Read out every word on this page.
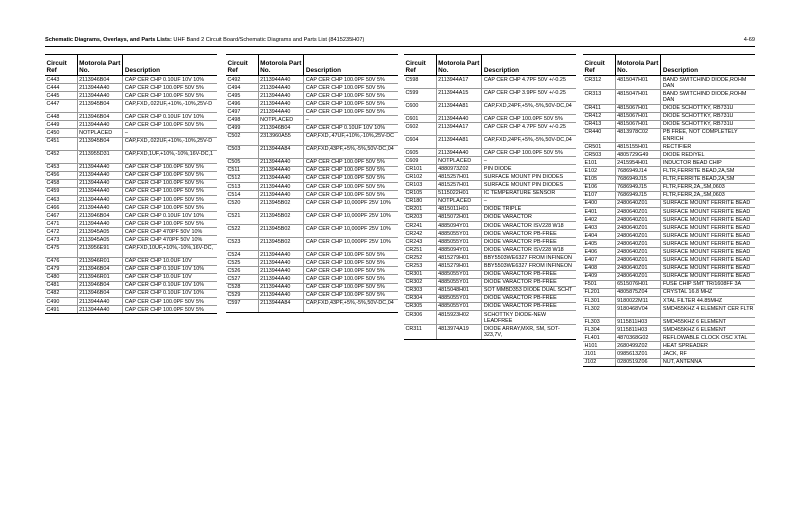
Schematic Diagrams, Overlays, and Parts Lists: UHF Band 2 Circuit Board/Schematic Diagrams and Parts List (8415235H07)	4-69
Circuit Ref	Motorola Part No.	Description
C443	2113946B04	CAP CER CHP 0.10UF 10V 10%
C444	2113944A40	CAP CER CHP 100.0PF 50V 5%
C445	2113944A40	CAP CER CHP 100.0PF 50V 5%
C447	2113945B04	CAP,FXD,.022UF,+10%,-10%,25V-D
C448	2113946B04	CAP CER CHP 0.10UF 10V 10%
C449	2113944A40	CAP CER CHP 100.0PF 50V 5%
C450	NOTPLACED	–
C451	2113945B04	CAP,FXD,.022UF,+10%,-10%,25V-D
C452	2113955D31	CAP,FXD,1UF,+10%,-10%,16V-DC,1
C453	2113944A40	CAP CER CHP 100.0PF 50V 5%
C456	2113944A40	CAP CER CHP 100.0PF 50V 5%
C458	2113944A40	CAP CER CHP 100.0PF 50V 5%
C459	2113944A40	CAP CER CHP 100.0PF 50V 5%
C463	2113944A40	CAP CER CHP 100.0PF 50V 5%
C466	2113944A40	CAP CER CHP 100.0PF 50V 5%
C467	2113946B04	CAP CER CHP 0.10UF 10V 10%
C471	2113944A40	CAP CER CHP 100.0PF 50V 5%
C472	2113945A05	CAP CER CHP 470PF 50V 10%
C473	2113945A05	CAP CER CHP 470PF 50V 10%
C475	2113956E91	CAP,FXD,10UF,+10%,-10%,16V-DC,
C476	2113946R01	CAP CER CHP 10.0UF 10V
C479	2113946B04	CAP CER CHP 0.10UF 10V 10%
C480	2113946R01	CAP CER CHP 10.0UF 10V
C481	2113946B04	CAP CER CHP 0.10UF 10V 10%
C482	2113946B04	CAP CER CHP 0.10UF 10V 10%
C490	2113944A40	CAP CER CHP 100.0PF 50V 5%
C491	2113944A40	CAP CER CHP 100.0PF 50V 5%
Circuit Ref	Motorola Part No.	Description
C492	2113944A40	CAP CER CHP 100.0PF 50V 5%
C494	2113944A40	CAP CER CHP 100.0PF 50V 5%
C495	2113944A40	CAP CER CHP 100.0PF 50V 5%
C496	2113944A40	CAP CER CHP 100.0PF 50V 5%
C497	2113944A40	CAP CER CHP 100.0PF 50V 5%
C498	NOTPLACED	–
C499	2113946B04	CAP CER CHP 0.10UF 10V 10%
C502	2313960A55	CAP,FXD,.47UF,+10%,-10%,25V-DC
C503	2113944A84	CAP,FXD,43PF,+5%,-5%,50V-DC,04
C505	2113944A40	CAP CER CHP 100.0PF 50V 5%
C511	2113944A40	CAP CER CHP 100.0PF 50V 5%
C512	2113944A40	CAP CER CHP 100.0PF 50V 5%
C513	2113944A40	CAP CER CHP 100.0PF 50V 5%
C514	2113944A40	CAP CER CHP 100.0PF 50V 5%
C520	2113945B02	CAP CER CHP 10,000PF 25V 10%
C521	2113945B02	CAP CER CHP 10,000PF 25V 10%
C522	2113945B02	CAP CER CHP 10,000PF 25V 10%
C523	2113945B02	CAP CER CHP 10,000PF 25V 10%
C524	2113944A40	CAP CER CHP 100.0PF 50V 5%
C525	2113944A40	CAP CER CHP 100.0PF 50V 5%
C526	2113944A40	CAP CER CHP 100.0PF 50V 5%
C527	2113944A40	CAP CER CHP 100.0PF 50V 5%
C528	2113944A40	CAP CER CHP 100.0PF 50V 5%
C529	2113944A40	CAP CER CHP 100.0PF 50V 5%
C597	2113944A84	CAP,FXD,43PF,+5%,-5%,50V-DC,04
Circuit Ref	Motorola Part No.	Description
C598	2113944A17	CAP CER CHP 4.7PF 50V +/-0.25
C599	2113944A15	CAP CER CHP 3.9PF 50V +/-0.25
C600	2113944A81	CAP,FXD,24PF,+5%,-5%,50V-DC,04
C601	2113944A40	CAP CER CHP 100.0PF 50V 5%
C602	2113944A17	CAP CER CHP 4.7PF 50V +/-0.25
C604	2113944A81	CAP,FXD,24PF,+5%,-5%,50V-DC,04
C605	2113944A40	CAP CER CHP 100.0PF 50V 5%
C609	NOTPLACED	–
CR101	4880973Z02	PIN DIODE
CR102	4815257H01	SURFACE MOUNT PIN DIODES
CR103	4815257H01	SURFACE MOUNT PIN DIODES
CR105	5115022H01	IC TEMPERATURE SENSOR
CR180	NOTPLACED	–
CR201	4815011H01	DIODE TRIPLE
CR203	4815072H01	DIODE VARACTOR
CR241	4885094Y01	DIODE VARACTOR ISV228 W18
CR242	4885055Y01	DIODE VARACTOR PB-FREE
CR243	4885055Y01	DIODE VARACTOR PB-FREE
CR251	4885094Y01	DIODE VARACTOR ISV228 W18
CR252	4815279H01	BBY5503WE6327 FROM INFINEON
CR253	4815279H01	BBY5503WE6327 FROM INFINEON
CR301	4885055Y01	DIODE VARACTOR PB-FREE
CR302	4885055Y01	DIODE VARACTOR PB-FREE
CR303	4815048H01	SOT MMBD353 DIODE DUAL SCHT
CR304	4885055Y01	DIODE VARACTOR PB-FREE
CR305	4885055Y01	DIODE VARACTOR PB-FREE
CR306	4815923H02	SCHOTTKY DIODE-NEW LEADFREE
CR311	4813974A19	DIODE ARRAY,MXR, SM, SOT-323,7V,
Circuit Ref	Motorola Part No.	Description
CR312	4815047H01	BAND SWITCHIND DIODE,ROHM DAN
CR313	4815047H01	BAND SWITCHIND DIODE,ROHM DAN
CR411	4815067H01	DIODE SCHOTTKY, RB731U
CR412	4815067H01	DIODE SCHOTTKY, RB731U
CR413	4815067H01	DIODE SCHOTTKY, RB731U
CR440	4813978C02	PB FREE, NOT COMPLETELY ENRICH
CR501	4815155H01	RECTIFIER
CR503	4805729G49	DIODE RED/YEL
E101	2415954H01	INDUCTOR BEAD CHIP
E102	7686949J14	FLTR,FERRITE BEAD,2A,SM
E105	7686949J15	FLTR,FERRITE BEAD,2A,SM
E106	7686949J15	FLTR,FERR,2A,,SM,0603
E107	7686949J15	FLTR,FERR,2A,,SM,0603
E400	2480640Z01	SURFACE MOUNT FERRITE BEAD
E401	2480640Z01	SURFACE MOUNT FERRITE BEAD
E402	2480640Z01	SURFACE MOUNT FERRITE BEAD
E403	2480640Z01	SURFACE MOUNT FERRITE BEAD
E404	2480640Z01	SURFACE MOUNT FERRITE BEAD
E405	2480640Z01	SURFACE MOUNT FERRITE BEAD
E406	2480640Z01	SURFACE MOUNT FERRITE BEAD
E407	2480640Z01	SURFACE MOUNT FERRITE BEAD
E408	2480640Z01	SURFACE MOUNT FERRITE BEAD
E409	2480640Z01	SURFACE MOUNT FERRITE BEAD
F501	6515076H01	FUSE CHIP SMT TR/1608FF 3A
FL201	4805875Z04	CRYSTAL 16.8 MHZ
FL301	9180022M11	XTAL FILTER 44.85MHZ
FL302	9180468V04	SMD455KHZ 4 ELEMENT CER FLTR
FL303	9115811H03	SMD455KHZ 6 ELEMENT
FL304	9115811H03	SMD455KHZ 6 ELEMENT
FL401	4870368G02	REFLOWABLE CLOCK OSC XTAL
H101	2680499Z02	HEAT SPREADER
J101	0985613Z01	JACK, RF
J102	0280519Z06	NUT, ANTENNA
